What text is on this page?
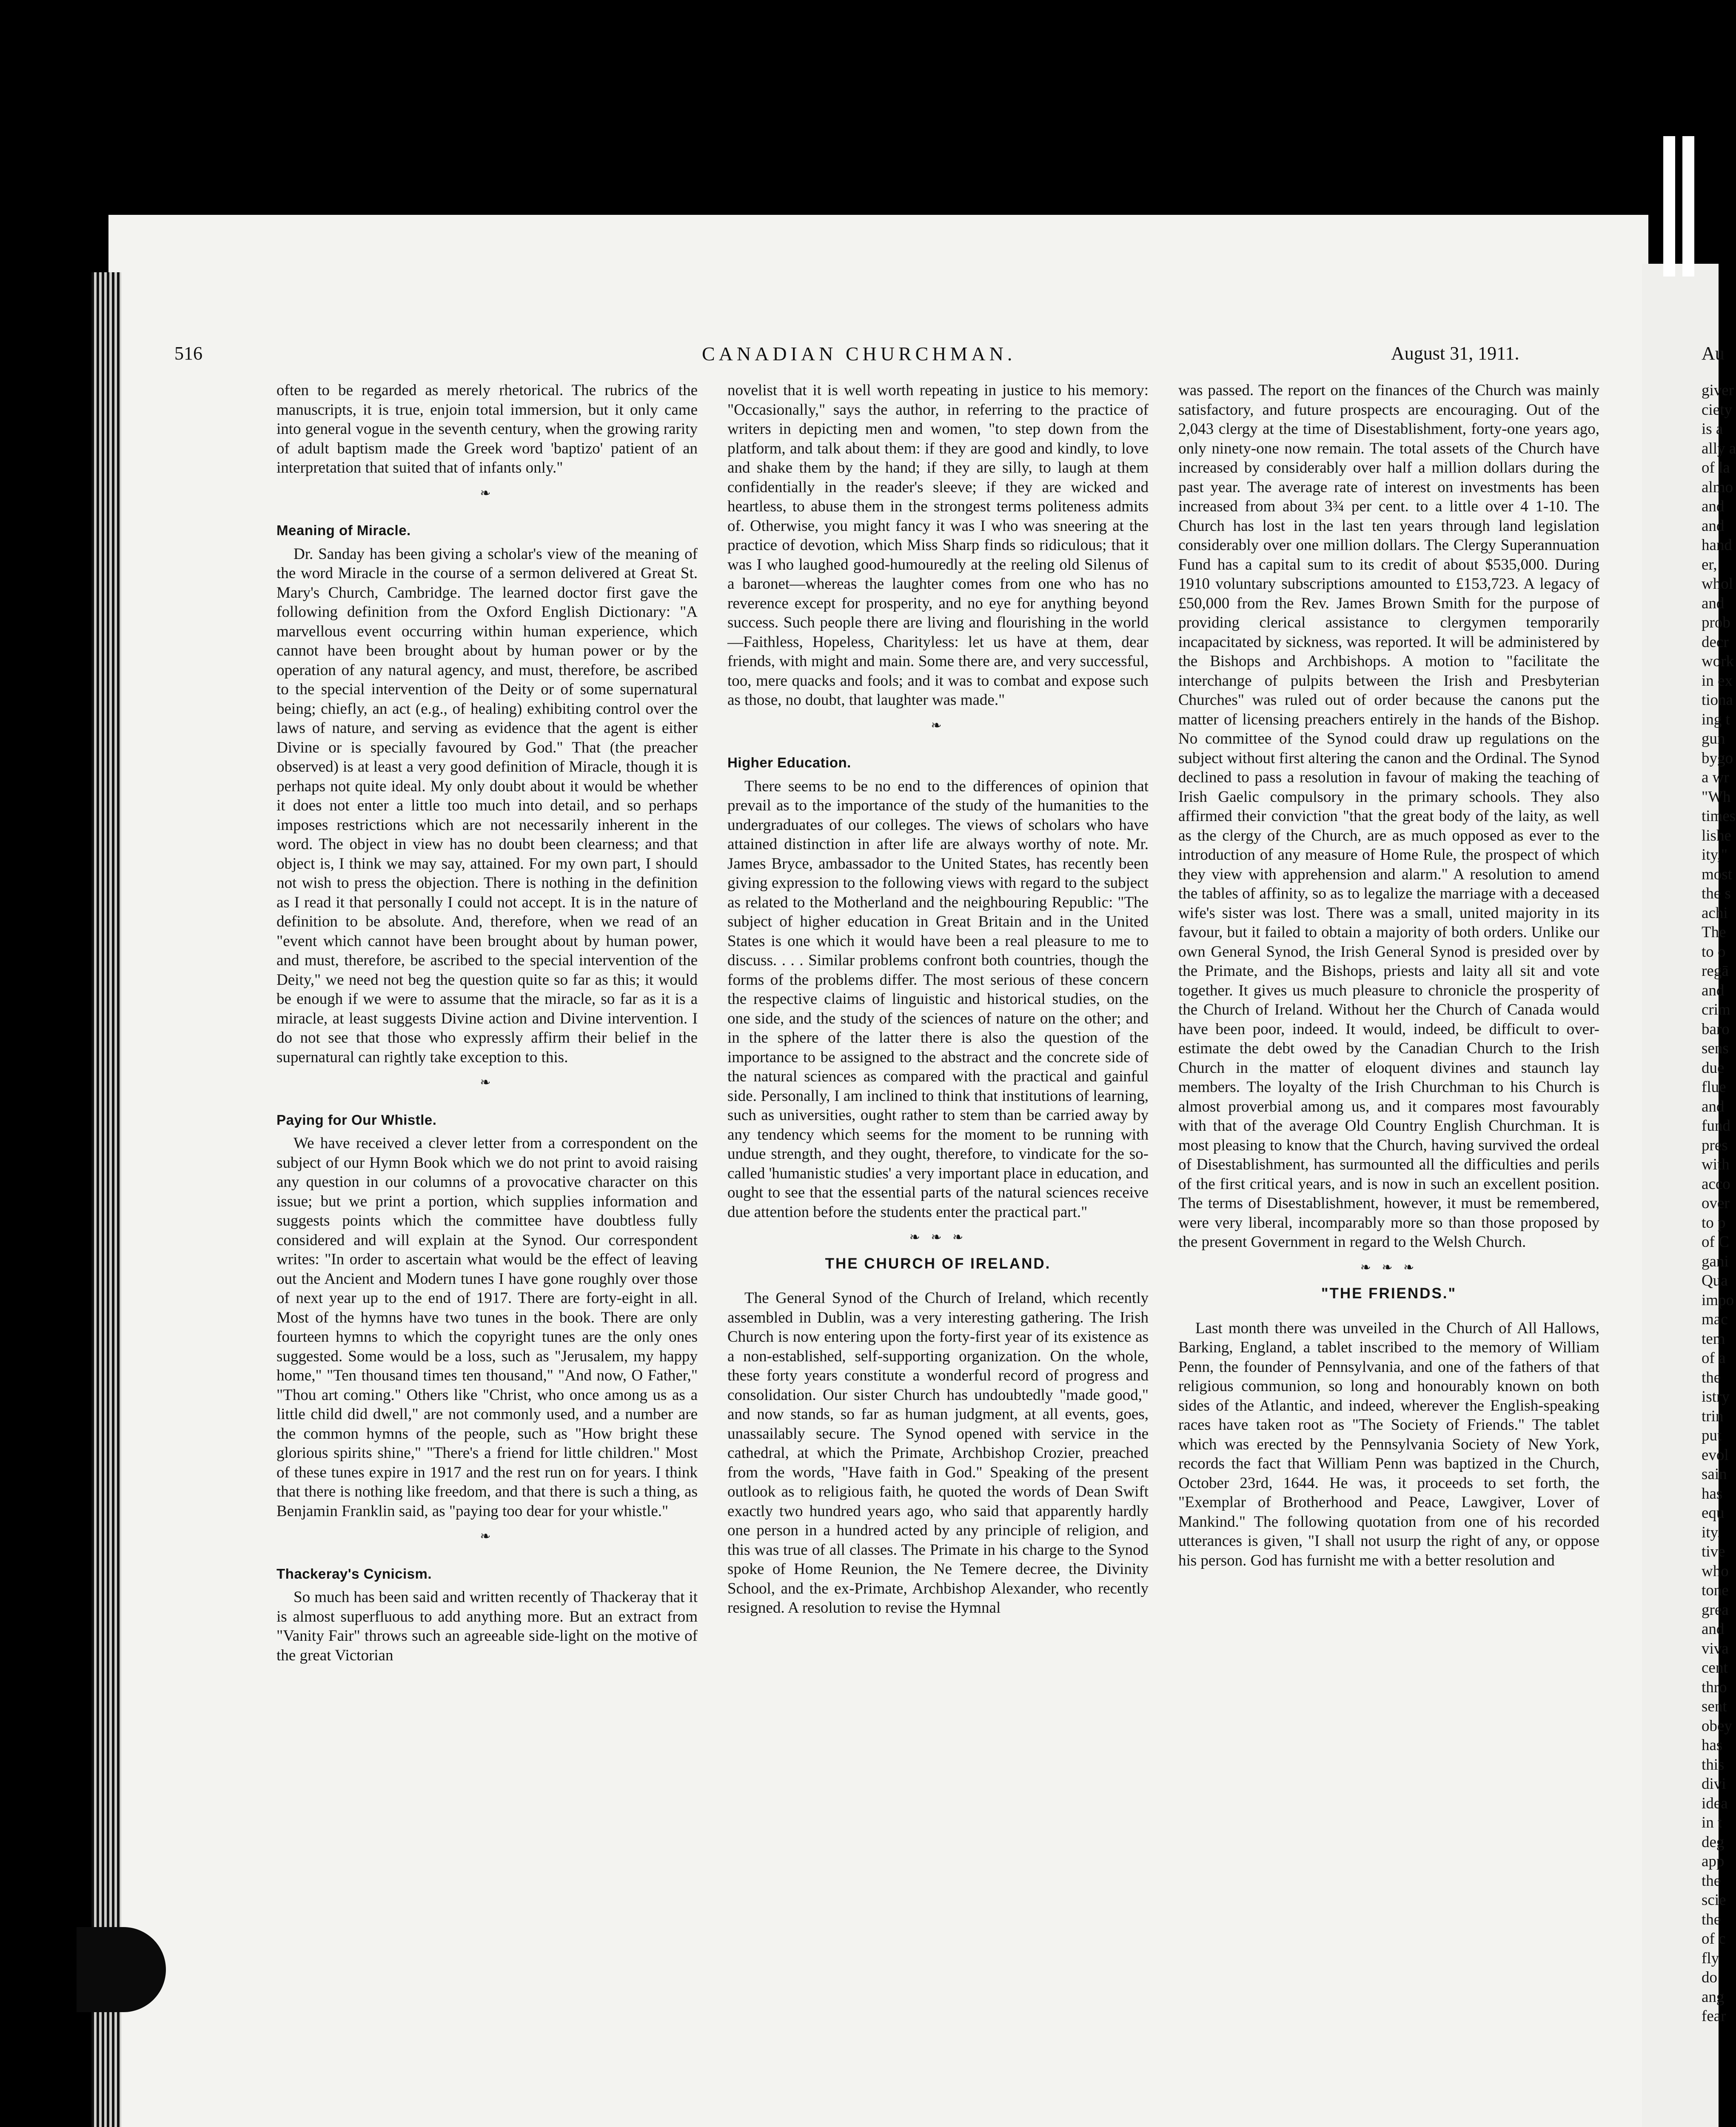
516	CANADIAN CHURCHMAN.	August 31, 1911.

often to be regarded as merely rhetorical. The rubrics of the manuscripts, it is true, enjoin total immersion, but it only came into general vogue in the seventh century, when the growing rarity of adult baptism made the Greek word 'baptizo' patient of an interpretation that suited that of infants only."

❧
Meaning of Miracle.

Dr. Sanday has been giving a scholar's view of the meaning of the word Miracle in the course of a sermon delivered at Great St. Mary's Church, Cambridge. The learned doctor first gave the following definition from the Oxford English Dictionary: "A marvellous event occurring within human experience, which cannot have been brought about by human power or by the operation of any natural agency, and must, therefore, be ascribed to the special intervention of the Deity or of some supernatural being; chiefly, an act (e.g., of healing) exhibiting control over the laws of nature, and serving as evidence that the agent is either Divine or is specially favoured by God." That (the preacher observed) is at least a very good definition of Miracle, though it is perhaps not quite ideal. My only doubt about it would be whether it does not enter a little too much into detail, and so perhaps imposes restrictions which are not necessarily inherent in the word. The object in view has no doubt been clearness; and that object is, I think we may say, attained. For my own part, I should not wish to press the objection. There is nothing in the definition as I read it that personally I could not accept. It is in the nature of definition to be absolute. And, therefore, when we read of an "event which cannot have been brought about by human power, and must, therefore, be ascribed to the special intervention of the Deity," we need not beg the question quite so far as this; it would be enough if we were to assume that the miracle, so far as it is a miracle, at least suggests Divine action and Divine intervention. I do not see that those who expressly affirm their belief in the supernatural can rightly take exception to this.

❧
Paying for Our Whistle.

We have received a clever letter from a correspondent on the subject of our Hymn Book which we do not print to avoid raising any question in our columns of a provocative character on this issue; but we print a portion, which supplies information and suggests points which the committee have doubtless fully considered and will explain at the Synod. Our correspondent writes: "In order to ascertain what would be the effect of leaving out the Ancient and Modern tunes I have gone roughly over those of next year up to the end of 1917. There are forty-eight in all. Most of the hymns have two tunes in the book. There are only fourteen hymns to which the copyright tunes are the only ones suggested. Some would be a loss, such as "Jerusalem, my happy home," "Ten thousand times ten thousand," "And now, O Father," "Thou art coming." Others like "Christ, who once among us as a little child did dwell," are not commonly used, and a number are the common hymns of the people, such as "How bright these glorious spirits shine," "There's a friend for little children." Most of these tunes expire in 1917 and the rest run on for years. I think that there is nothing like freedom, and that there is such a thing, as Benjamin Franklin said, as "paying too dear for your whistle."

❧
Thackeray's Cynicism.

So much has been said and written recently of Thackeray that it is almost superfluous to add anything more. But an extract from "Vanity Fair" throws such an agreeable side-light on the motive of the great Victorian

novelist that it is well worth repeating in justice to his memory: "Occasionally," says the author, in referring to the practice of writers in depicting men and women, "to step down from the platform, and talk about them: if they are good and kindly, to love and shake them by the hand; if they are silly, to laugh at them confidentially in the reader's sleeve; if they are wicked and heartless, to abuse them in the strongest terms politeness admits of. Otherwise, you might fancy it was I who was sneering at the practice of devotion, which Miss Sharp finds so ridiculous; that it was I who laughed good-humouredly at the reeling old Silenus of a baronet—whereas the laughter comes from one who has no reverence except for prosperity, and no eye for anything beyond success. Such people there are living and flourishing in the world—Faithless, Hopeless, Charityless: let us have at them, dear friends, with might and main. Some there are, and very successful, too, mere quacks and fools; and it was to combat and expose such as those, no doubt, that laughter was made."

❧
Higher Education.

There seems to be no end to the differences of opinion that prevail as to the importance of the study of the humanities to the undergraduates of our colleges. The views of scholars who have attained distinction in after life are always worthy of note. Mr. James Bryce, ambassador to the United States, has recently been giving expression to the following views with regard to the subject as related to the Motherland and the neighbouring Republic: "The subject of higher education in Great Britain and in the United States is one which it would have been a real pleasure to me to discuss. . . . Similar problems confront both countries, though the forms of the problems differ. The most serious of these concern the respective claims of linguistic and historical studies, on the one side, and the study of the sciences of nature on the other; and in the sphere of the latter there is also the question of the importance to be assigned to the abstract and the concrete side of the natural sciences as compared with the practical and gainful side. Personally, I am inclined to think that institutions of learning, such as universities, ought rather to stem than be carried away by any tendency which seems for the moment to be running with undue strength, and they ought, therefore, to vindicate for the so-called 'humanistic studies' a very important place in education, and ought to see that the essential parts of the natural sciences receive due attention before the students enter the practical part."

❧ ❧ ❧
THE CHURCH OF IRELAND.

The General Synod of the Church of Ireland, which recently assembled in Dublin, was a very interesting gathering. The Irish Church is now entering upon the forty-first year of its existence as a non-established, self-supporting organization. On the whole, these forty years constitute a wonderful record of progress and consolidation. Our sister Church has undoubtedly "made good," and now stands, so far as human judgment, at all events, goes, unassailably secure. The Synod opened with service in the cathedral, at which the Primate, Archbishop Crozier, preached from the words, "Have faith in God." Speaking of the present outlook as to religious faith, he quoted the words of Dean Swift exactly two hundred years ago, who said that apparently hardly one person in a hundred acted by any principle of religion, and this was true of all classes. The Primate in his charge to the Synod spoke of Home Reunion, the Ne Temere decree, the Divinity School, and the ex-Primate, Archbishop Alexander, who recently resigned. A resolution to revise the Hymnal

was passed. The report on the finances of the Church was mainly satisfactory, and future prospects are encouraging. Out of the 2,043 clergy at the time of Disestablishment, forty-one years ago, only ninety-one now remain. The total assets of the Church have increased by considerably over half a million dollars during the past year. The average rate of interest on investments has been increased from about 3¾ per cent. to a little over 4 1-10. The Church has lost in the last ten years through land legislation considerably over one million dollars. The Clergy Superannuation Fund has a capital sum to its credit of about $535,000. During 1910 voluntary subscriptions amounted to £153,723. A legacy of £50,000 from the Rev. James Brown Smith for the purpose of providing clerical assistance to clergymen temporarily incapacitated by sickness, was reported. It will be administered by the Bishops and Archbishops. A motion to "facilitate the interchange of pulpits between the Irish and Presbyterian Churches" was ruled out of order because the canons put the matter of licensing preachers entirely in the hands of the Bishop. No committee of the Synod could draw up regulations on the subject without first altering the canon and the Ordinal. The Synod declined to pass a resolution in favour of making the teaching of Irish Gaelic compulsory in the primary schools. They also affirmed their conviction "that the great body of the laity, as well as the clergy of the Church, are as much opposed as ever to the introduction of any measure of Home Rule, the prospect of which they view with apprehension and alarm." A resolution to amend the tables of affinity, so as to legalize the marriage with a deceased wife's sister was lost. There was a small, united majority in its favour, but it failed to obtain a majority of both orders. Unlike our own General Synod, the Irish General Synod is presided over by the Primate, and the Bishops, priests and laity all sit and vote together. It gives us much pleasure to chronicle the prosperity of the Church of Ireland. Without her the Church of Canada would have been poor, indeed. It would, indeed, be difficult to over-estimate the debt owed by the Canadian Church to the Irish Church in the matter of eloquent divines and staunch lay members. The loyalty of the Irish Churchman to his Church is almost proverbial among us, and it compares most favourably with that of the average Old Country English Churchman. It is most pleasing to know that the Church, having survived the ordeal of Disestablishment, has surmounted all the difficulties and perils of the first critical years, and is now in such an excellent position. The terms of Disestablishment, however, it must be remembered, were very liberal, incomparably more so than those proposed by the present Government in regard to the Welsh Church.

❧ ❧ ❧
"THE FRIENDS."

Last month there was unveiled in the Church of All Hallows, Barking, England, a tablet inscribed to the memory of William Penn, the founder of Pennsylvania, and one of the fathers of that religious communion, so long and honourably known on both sides of the Atlantic, and indeed, wherever the English-speaking races have taken root as "The Society of Friends." The tablet which was erected by the Pennsylvania Society of New York, records the fact that William Penn was baptized in the Church, October 23rd, 1644. He was, it proceeds to set forth, the "Exemplar of Brotherhood and Peace, Lawgiver, Lover of Mankind." The following quotation from one of his recorded utterances is given, "I shall not usurp the right of any, or oppose his person. God has furnisht me with a better resolution and

Au
giver
ciety
is a
ally a
of la
almo
and
and
hand
er,
whol
and
prob
decr
work
in ex
tiona
ing t
gun
bygo
a wr
"Wh
times
lishe
ity,"
most
the s
achi
The
to o
regā
and
crim
baro
sens
due
flue
and
fund
pres
with
acco
over
to p
of C
gani
Qua
impo
mac
tem
of a
the
istry
trin
put
evol
sain
has
equ
ity.
tive
who
tone
grea
and
viva
cent
thro
sent
obey
has
this
divi
idea
in t
deg
app
the
scie
the
of c
fly
do
ang
fear
